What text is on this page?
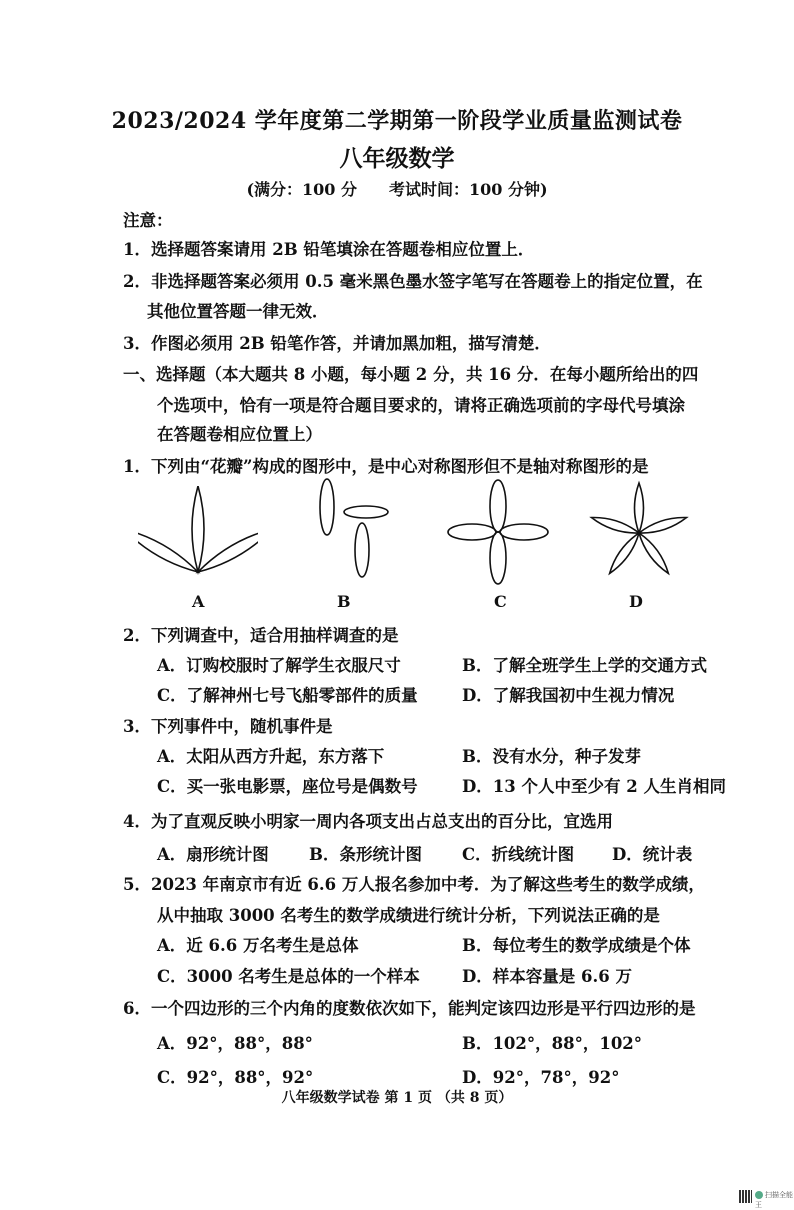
2023/2024 学年度第二学期第一阶段学业质量监测试卷
八年级数学
(满分：100 分　　考试时间：100 分钟)
注意：
1．选择题答案请用 2B 铅笔填涂在答题卷相应位置上．
2．非选择题答案必须用 0.5 毫米黑色墨水签字笔写在答题卷上的指定位置，在
其他位置答题一律无效．
3．作图必须用 2B 铅笔作答，并请加黑加粗，描写清楚．
一、选择题（本大题共 8 小题，每小题 2 分，共 16 分．在每小题所给出的四
个选项中，恰有一项是符合题目要求的，请将正确选项前的字母代号填涂
在答题卷相应位置上）
1．下列由“花瓣”构成的图形中，是中心对称图形但不是轴对称图形的是
A	B	C	D
2．下列调查中，适合用抽样调查的是
A．订购校服时了解学生衣服尺寸	B．了解全班学生上学的交通方式
C．了解神州七号飞船零部件的质量	D．了解我国初中生视力情况
3．下列事件中，随机事件是
A．太阳从西方升起，东方落下	B．没有水分，种子发芽
C．买一张电影票，座位号是偶数号	D．13 个人中至少有 2 人生肖相同
4．为了直观反映小明家一周内各项支出占总支出的百分比，宜选用
A．扇形统计图 B．条形统计图 C．折线统计图 D．统计表
5．2023 年南京市有近 6.6 万人报名参加中考．为了解这些考生的数学成绩，
从中抽取 3000 名考生的数学成绩进行统计分析，下列说法正确的是
A．近 6.6 万名考生是总体	B．每位考生的数学成绩是个体
C．3000 名考生是总体的一个样本	D．样本容量是 6.6 万
6．一个四边形的三个内角的度数依次如下，能判定该四边形是平行四边形的是
A．92°，88°，88°	B．102°，88°，102°
C．92°，88°，92°	D．92°，78°，92°
八年级数学试卷 第 1 页 （共 8 页）
扫描全能王
